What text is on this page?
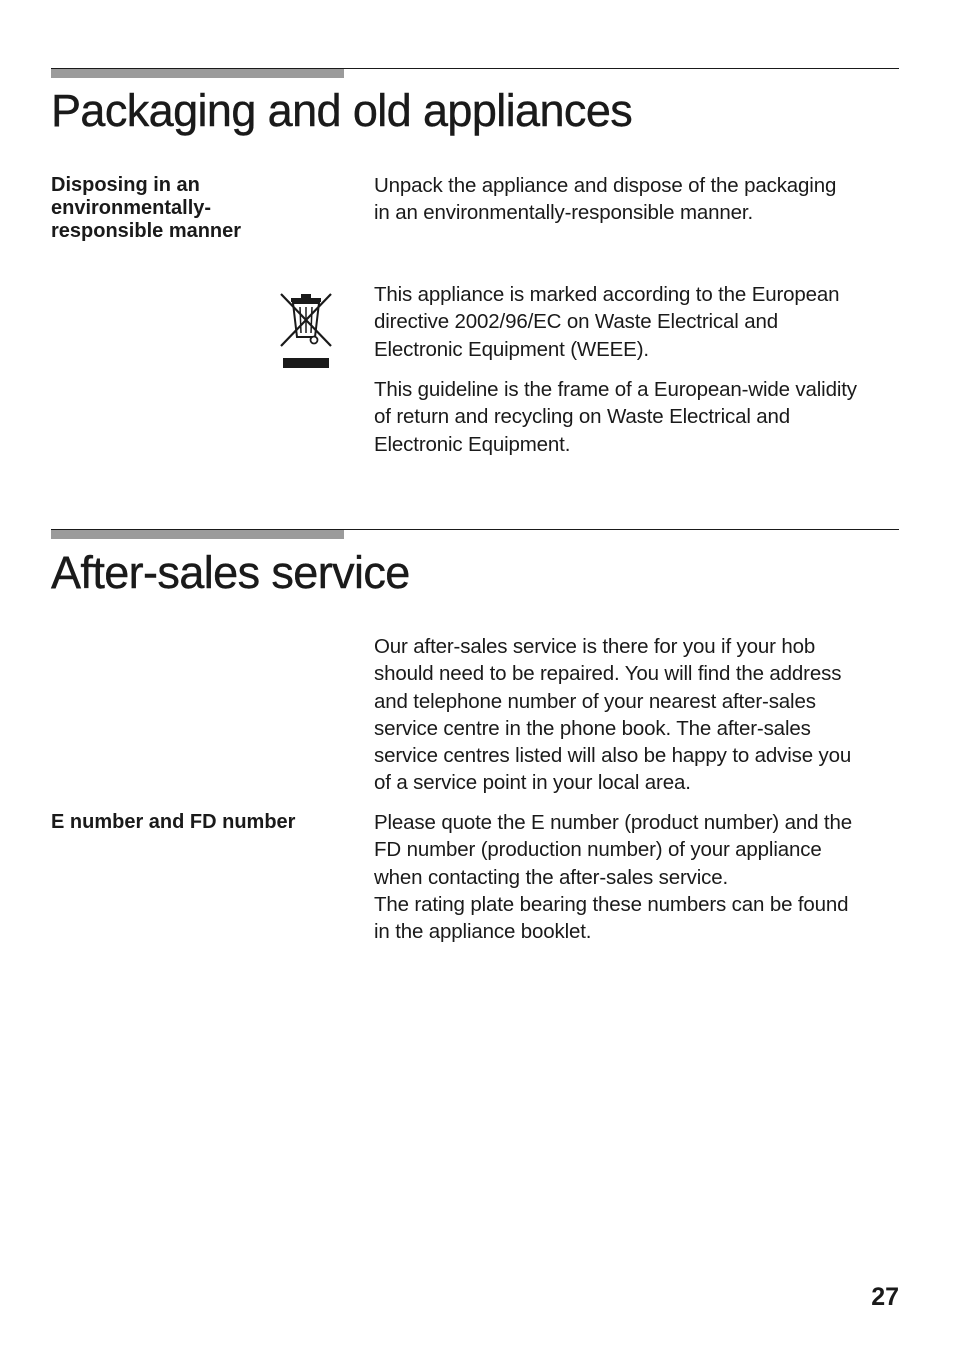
Packaging and old appliances

Disposing in an
environmentally-
responsible manner

Unpack the appliance and dispose of the packaging
in an environmentally-responsible manner.

This appliance is marked according to the European
directive 2002/96/EC on Waste Electrical and
Electronic Equipment (WEEE).

This guideline is the frame of a European-wide validity
of return and recycling on Waste Electrical and
Electronic Equipment.

After-sales service

Our after-sales service is there for you if your hob
should need to be repaired. You will find the address
and telephone number of your nearest after-sales
service centre in the phone book. The after-sales
service centres listed will also be happy to advise you
of a service point in your local area.

E number and FD number	Please quote the E number (product number) and the
FD number (production number) of your appliance
when contacting the after-sales service.
The rating plate bearing these numbers can be found
in the appliance booklet.

27
